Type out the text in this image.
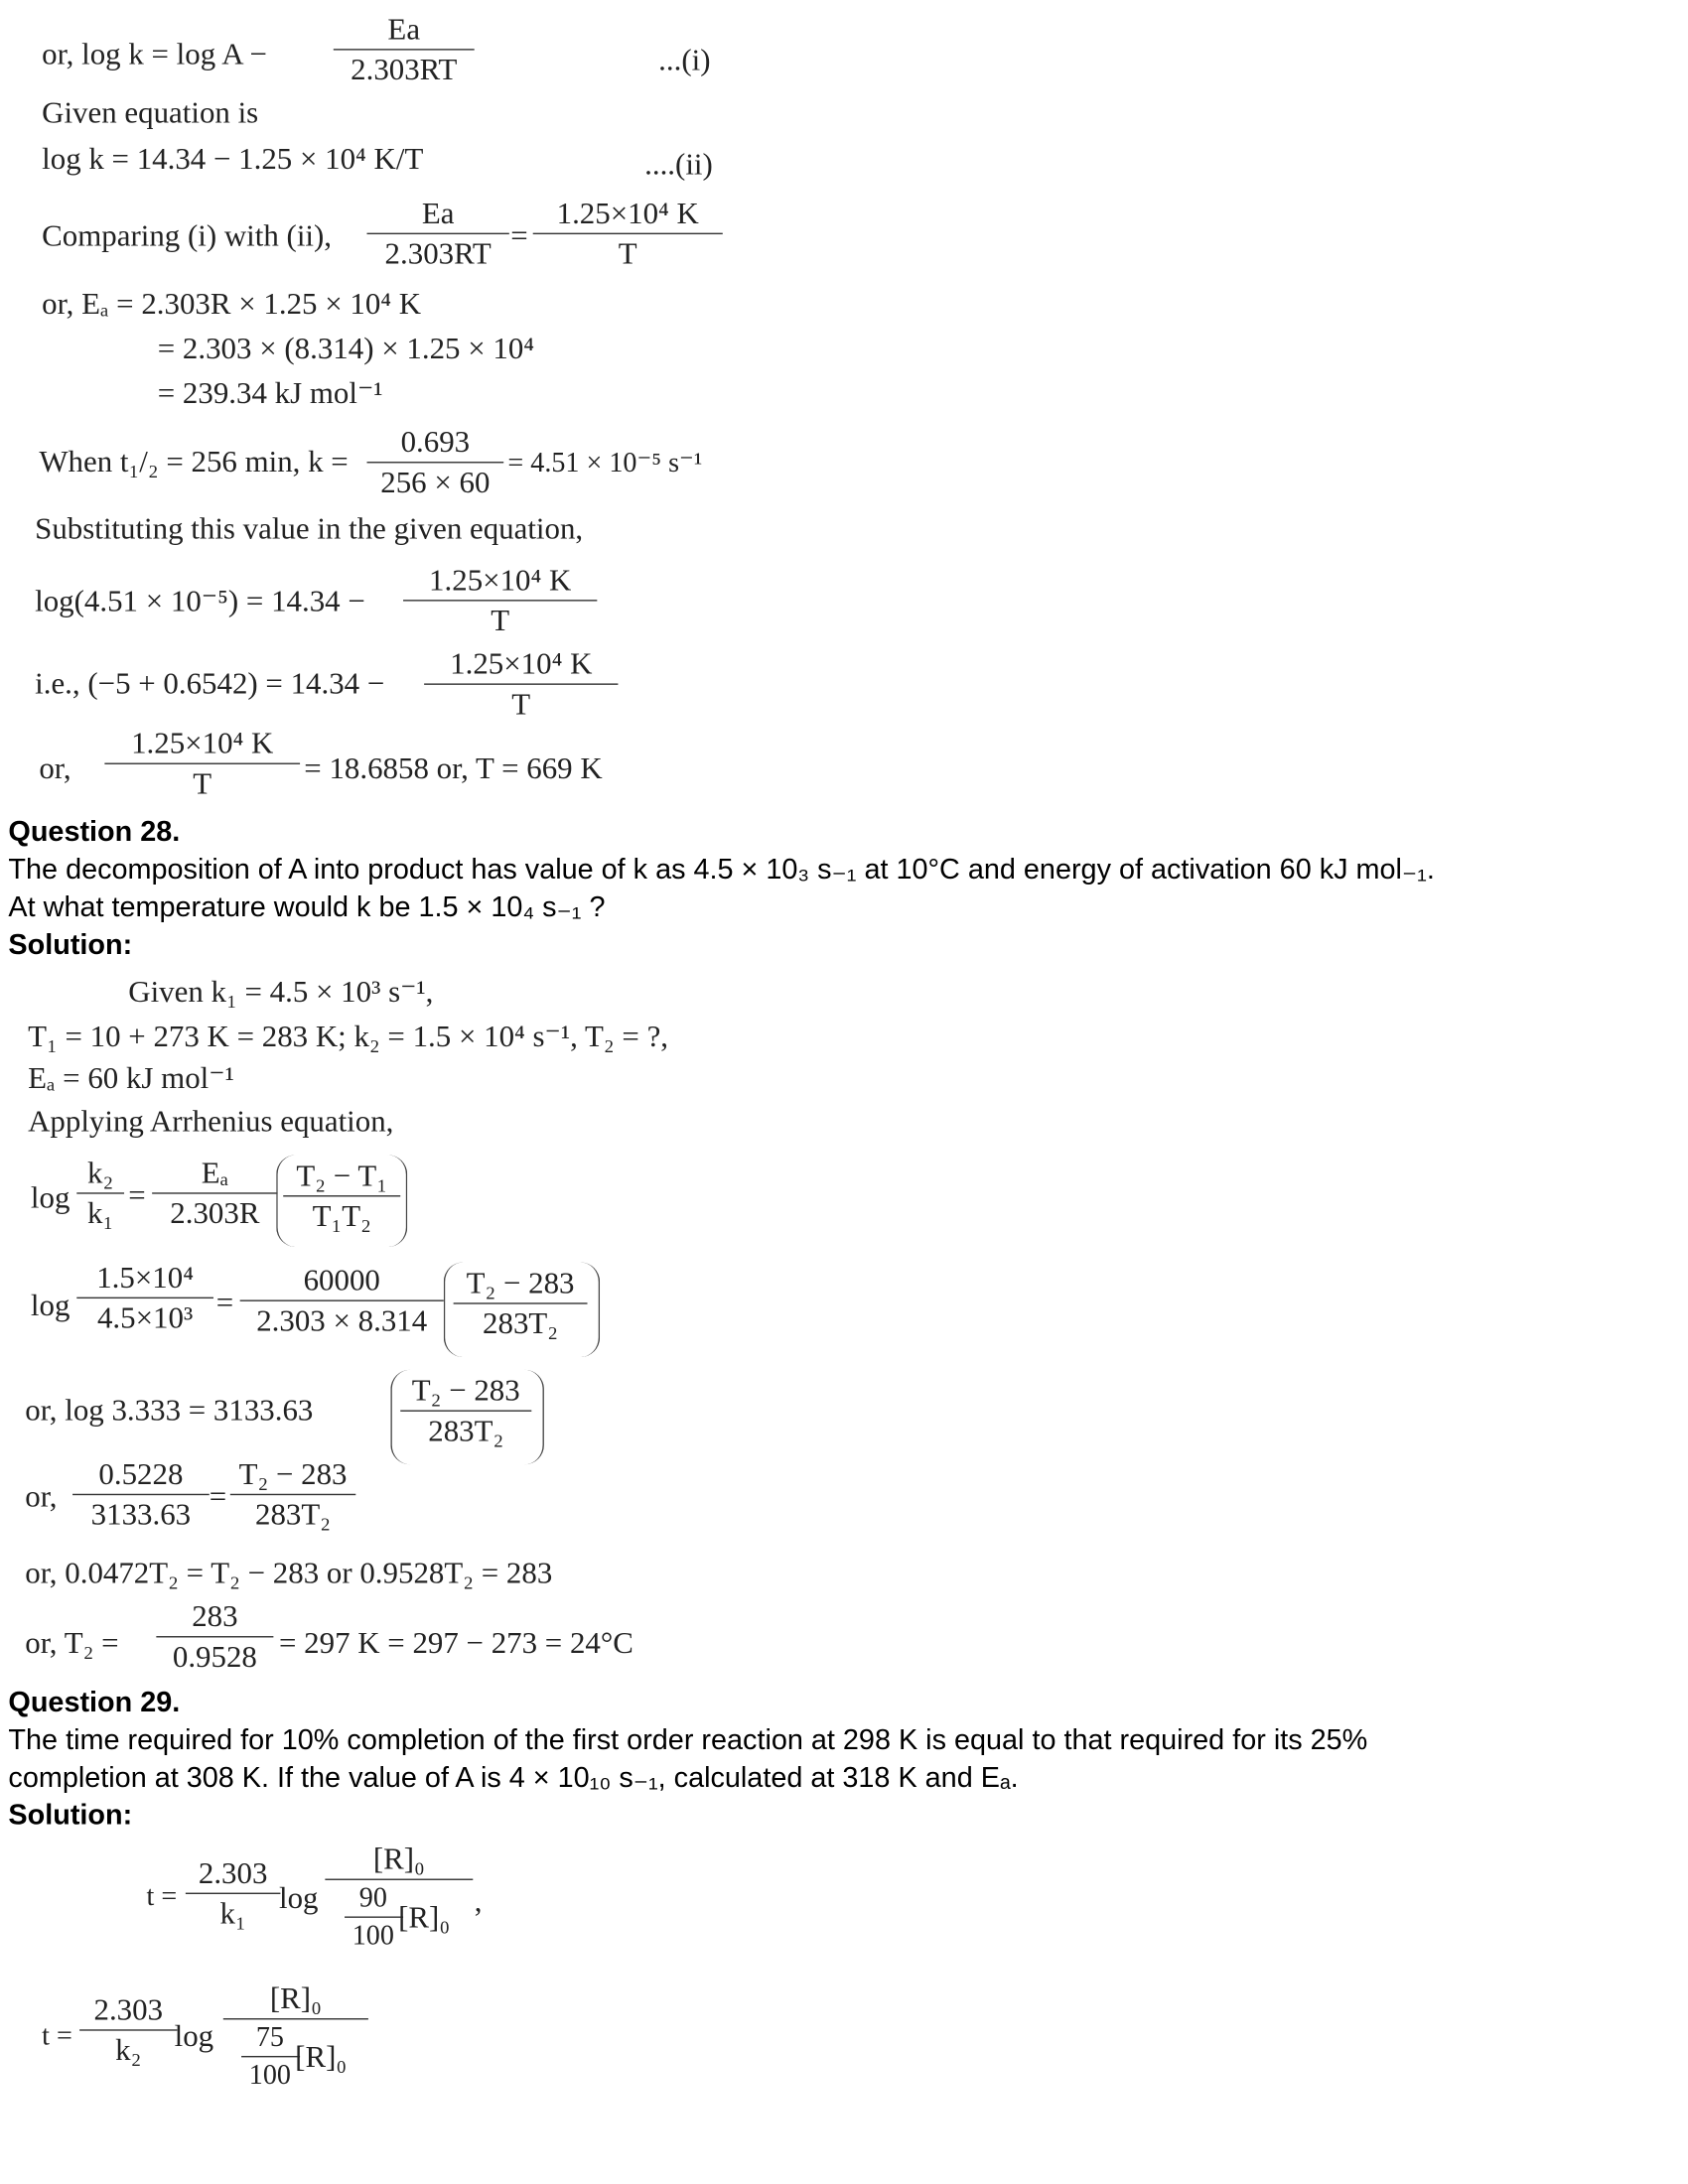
or, log k = log A −	$\frac{Ea}{2.303RT}$	...(i)
Given equation is
log k = 14.34 − 1.25 × 10⁴ K/T	....(ii)
Comparing (i) with (ii), $\frac{Ea}{2.303RT} = \frac{\text{1.25×10⁴ K}}{T}$
or, Eₐ = 2.303R × 1.25 × 10⁴ K
= 2.303 × (8.314) × 1.25 × 10⁴
= 239.34 kJ mol⁻¹
When t₁/₂ = 256 min, $k = \frac{0.693}{256 \times 60} = 4.51 \times 10^{-5}$ s⁻¹
Substituting this value in the given equation,
$\log(4.51 \times 10^{-5}) = 14.34 - \frac{\text{1.25×10⁴ K}}{T}$
i.e., $(-5 + 0.6542) = 14.34 - \frac{\text{1.25×10⁴ K}}{T}$
or, $\frac{\text{1.25×10⁴ K}}{T} = 18.6858$ or, T = 669 K
Question 28.
The decomposition of A into product has value of k as 4.5 × 10₃ s₋₁ at 10°C and energy of activation 60 kJ mol₋₁.
At what temperature would k be 1.5 × 10₄ s₋₁ ?
Solution:
Given k₁ = 4.5 × 10³ s⁻¹,
T₁ = 10 + 273 K = 283 K; k₂ = 1.5 × 10⁴ s⁻¹, T₂ = ?,
Eₐ = 60 kJ mol⁻¹
Applying Arrhenius equation,
$\log \frac{\text{k₂}}{\text{k₁}} = \frac{\text{Eₐ}}{2.303R} \frac{\text{T₂ − T₁}}{\text{T₁T₂}}$
$\log \frac{\text{1.5×10⁴}}{\text{4.5×10³}} = \frac{60000}{2.303 \times 8.314} \frac{\text{T₂ − 283}}{\text{283T₂}}$
or, log 3.333 = 3133.63	$\frac{\text{T₂ − 283}}{\text{283T₂}}$
or, $\frac{0.5228}{3133.63} = \frac{\text{T₂ − 283}}{\text{283T₂}}$
or, 0.0472T₂ = T₂ − 283 or 0.9528T₂ = 283
or, $T_2 = \frac{283}{0.9528} = 297$ K = 297 − 273 = 24°C
Question 29.
The time required for 10% completion of the first order reaction at 298 K is equal to that required for its 25%
completion at 308 K. If the value of A is 4 × 10₁₀ s₋₁, calculated at 318 K and Eₐ.
Solution:
$t = \frac{2.303}{\text{k₁}}$ $\log \frac{\text{[R]₀}}{\frac{90}{100} [R]_0}$ ,
$t = \frac{2.303}{\text{k₂}}$ $\log \frac{\text{[R]₀}}{\frac{75}{100} [R]_0}$
